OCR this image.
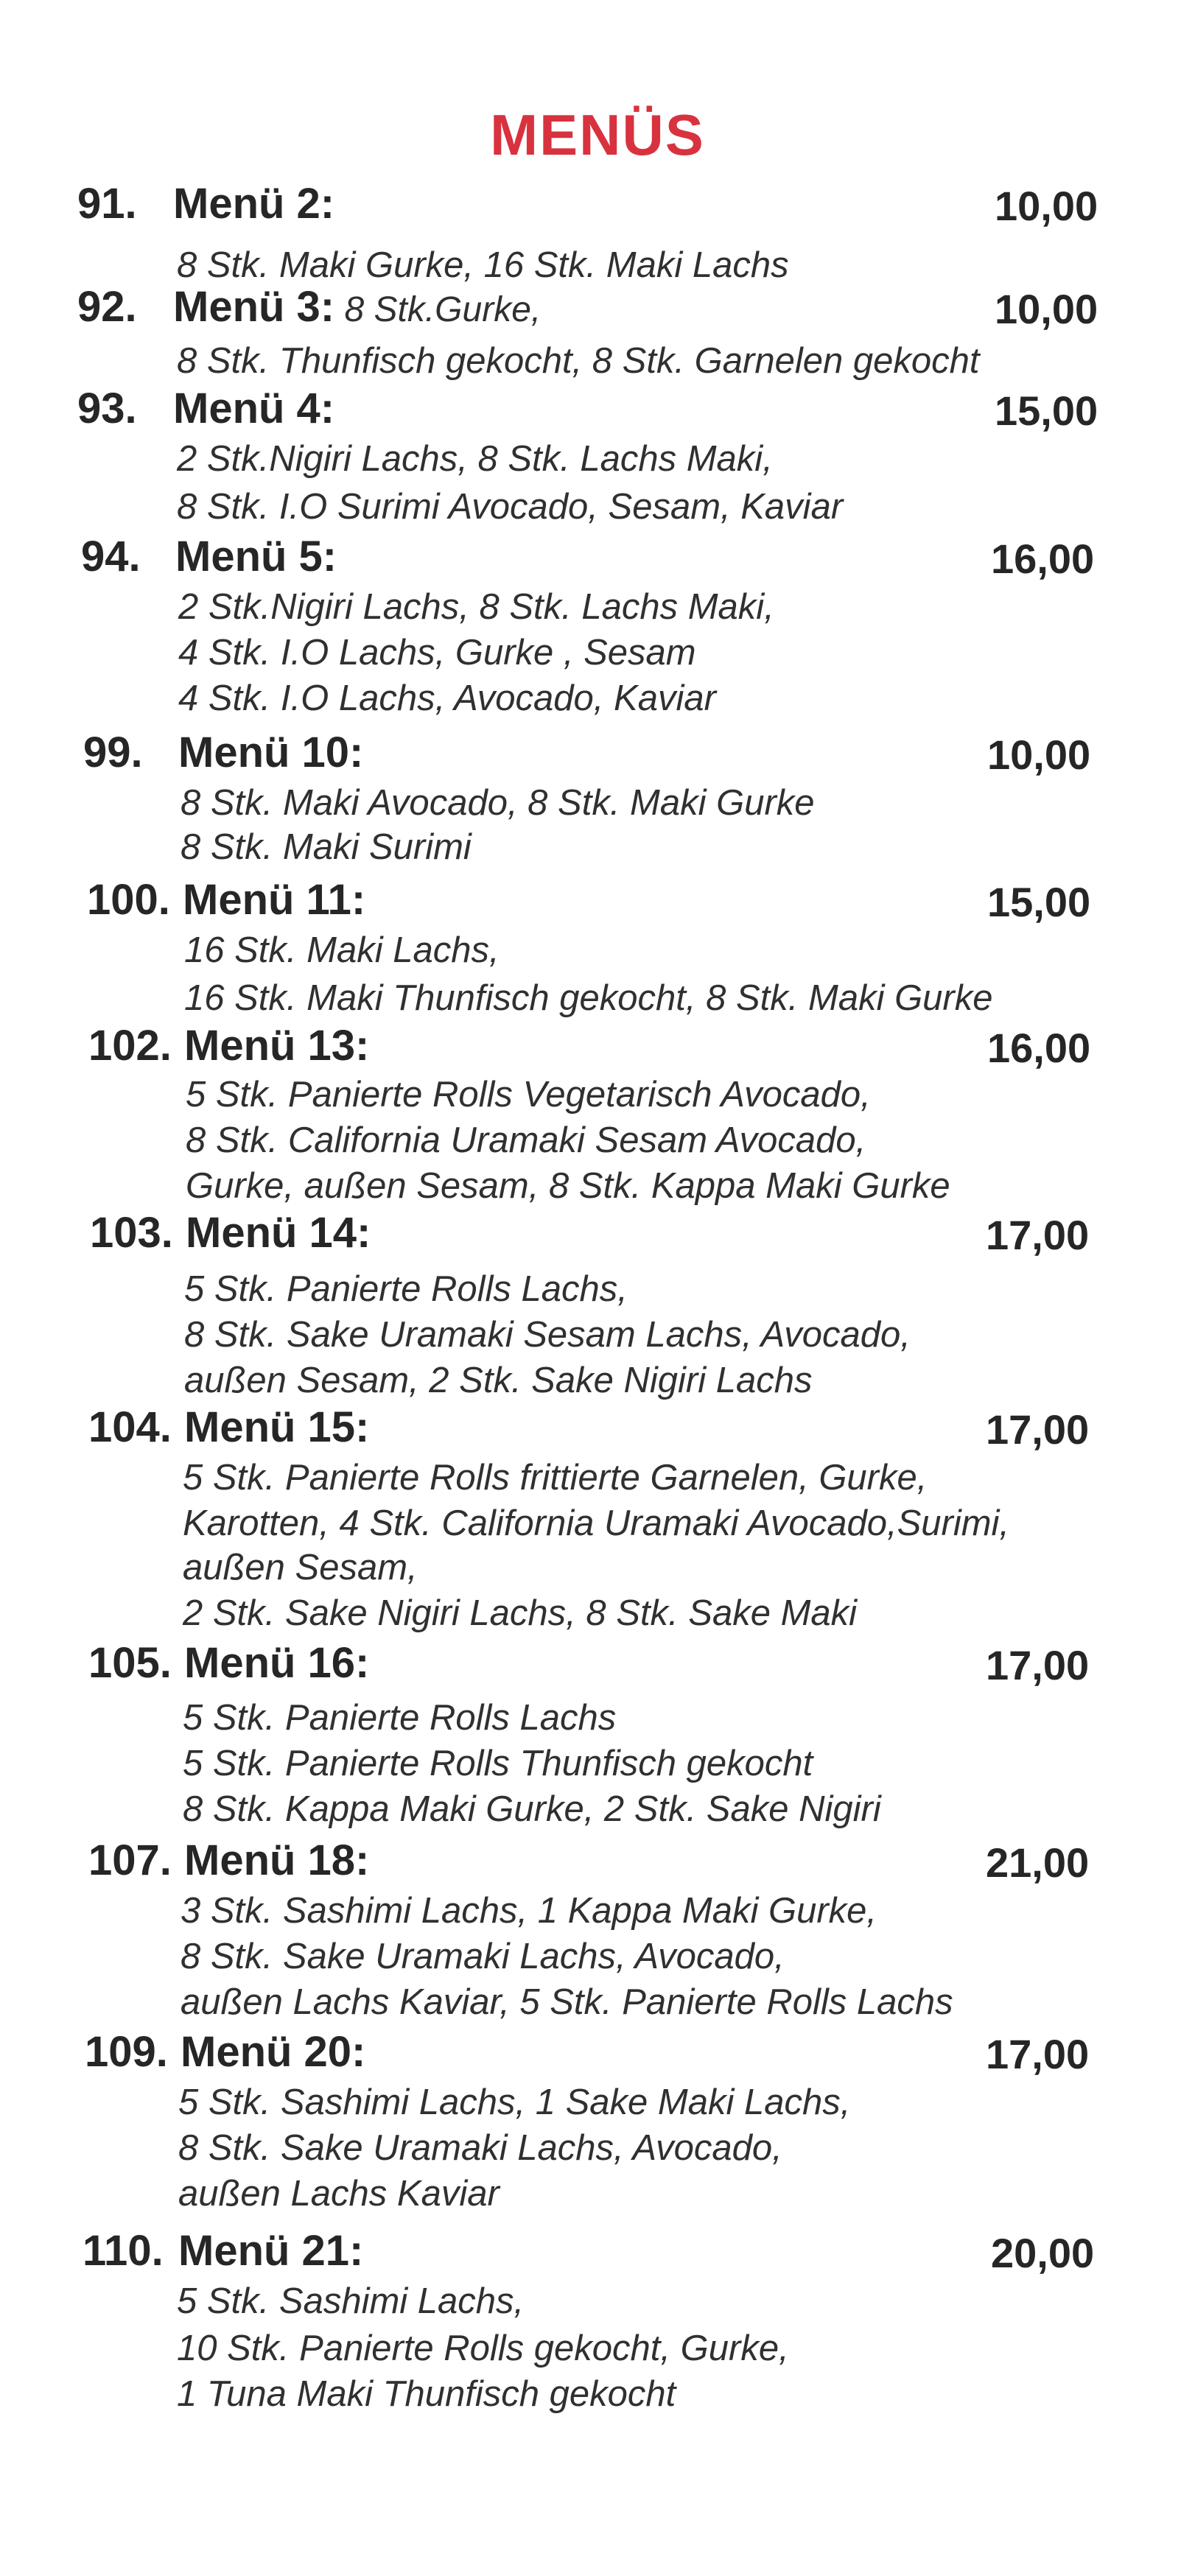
MENÜS
91. Menü 2:	10,00
8 Stk. Maki Gurke, 16 Stk. Maki Lachs
92. Menü 3: 8 Stk.Gurke,	10,00
8 Stk. Thunfisch gekocht, 8 Stk. Garnelen gekocht
93. Menü 4:	15,00
2 Stk.Nigiri Lachs, 8 Stk. Lachs Maki,
8 Stk. I.O Surimi Avocado, Sesam, Kaviar
94. Menü 5:	16,00
2 Stk.Nigiri Lachs, 8 Stk. Lachs Maki,
4 Stk. I.O Lachs, Gurke , Sesam
4 Stk. I.O Lachs, Avocado, Kaviar
99. Menü 10:	10,00
8 Stk. Maki Avocado, 8 Stk. Maki Gurke
8 Stk. Maki Surimi
100. Menü 11:	15,00
16 Stk. Maki Lachs,
16 Stk. Maki Thunfisch gekocht, 8 Stk. Maki Gurke
102. Menü 13:	16,00
5 Stk. Panierte Rolls Vegetarisch Avocado,
8 Stk. California Uramaki Sesam Avocado,
Gurke, außen Sesam, 8 Stk. Kappa Maki Gurke
103. Menü 14:	17,00
5 Stk. Panierte Rolls Lachs,
8 Stk. Sake Uramaki Sesam Lachs, Avocado,
außen Sesam, 2 Stk. Sake Nigiri Lachs
104. Menü 15:	17,00
5 Stk. Panierte Rolls frittierte Garnelen, Gurke,
Karotten, 4 Stk. California Uramaki Avocado,Surimi,
außen Sesam,
2 Stk. Sake Nigiri Lachs, 8 Stk. Sake Maki
105. Menü 16:	17,00
5 Stk. Panierte Rolls Lachs
5 Stk. Panierte Rolls Thunfisch gekocht
8 Stk. Kappa Maki Gurke, 2 Stk. Sake Nigiri
107. Menü 18:	21,00
3 Stk. Sashimi Lachs, 1 Kappa Maki Gurke,
8 Stk. Sake Uramaki Lachs, Avocado,
außen Lachs Kaviar, 5 Stk. Panierte Rolls Lachs
109. Menü 20:	17,00
5 Stk. Sashimi Lachs, 1 Sake Maki Lachs,
8 Stk. Sake Uramaki Lachs, Avocado,
außen Lachs Kaviar
110. Menü 21:	20,00
5 Stk. Sashimi Lachs,
10 Stk. Panierte Rolls gekocht, Gurke,
1 Tuna Maki Thunfisch gekocht
